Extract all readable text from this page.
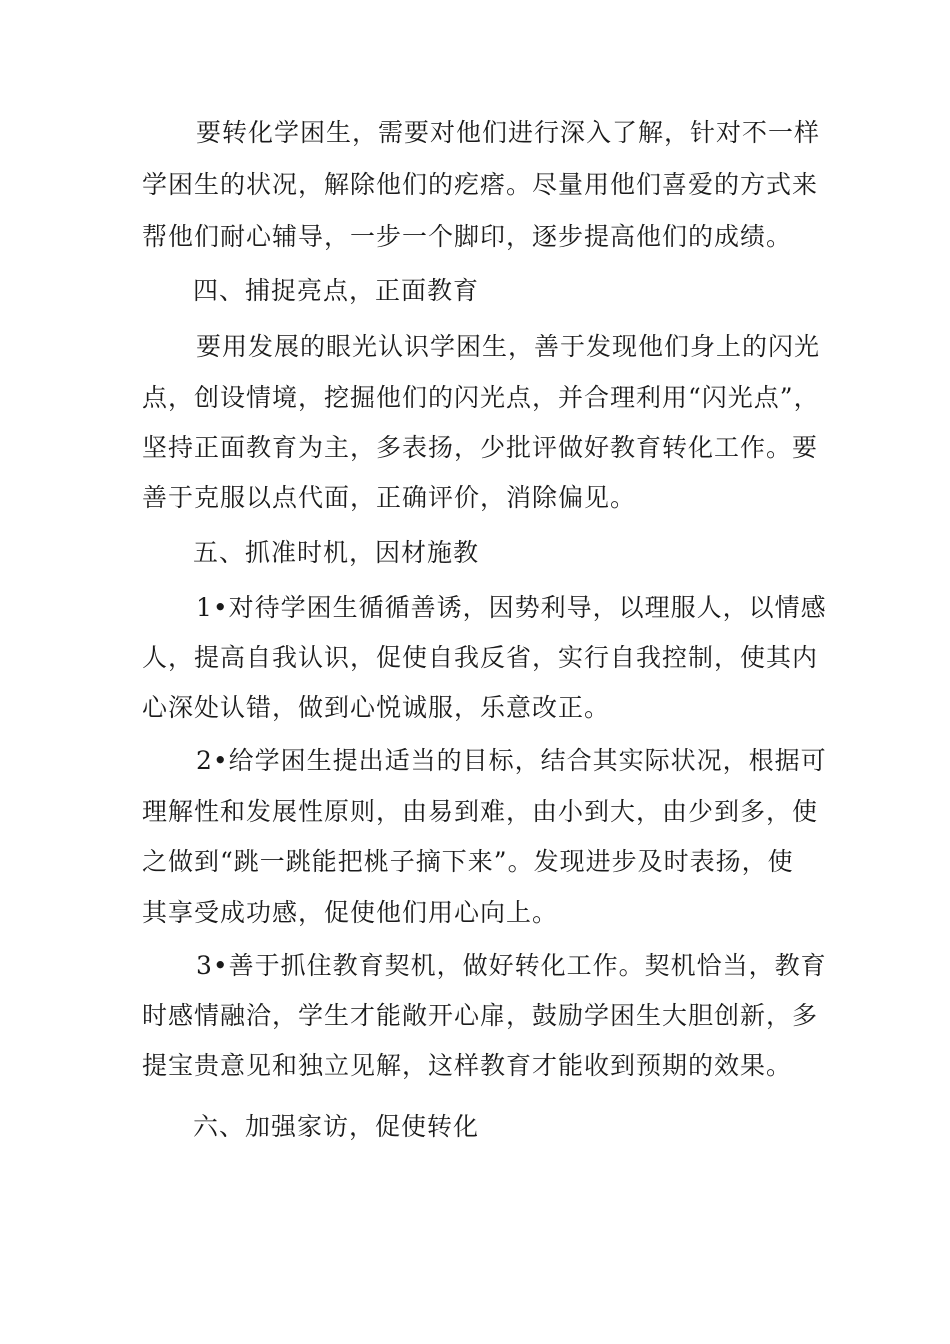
要转化学困生，需要对他们进行深入了解，针对不一样
学困生的状况，解除他们的疙瘩。尽量用他们喜爱的方式来
帮他们耐心辅导，一步一个脚印，逐步提高他们的成绩。
四、捕捉亮点，正面教育
要用发展的眼光认识学困生，善于发现他们身上的闪光
点，创设情境，挖掘他们的闪光点，并合理利用“闪光点”，
坚持正面教育为主，多表扬，少批评做好教育转化工作。要
善于克服以点代面，正确评价，消除偏见。
五、抓准时机，因材施教
1•对待学困生循循善诱，因势利导，以理服人，以情感
人，提高自我认识，促使自我反省，实行自我控制，使其内
心深处认错，做到心悦诚服，乐意改正。
2•给学困生提出适当的目标，结合其实际状况，根据可
理解性和发展性原则，由易到难，由小到大，由少到多，使
之做到“跳一跳能把桃子摘下来”。发现进步及时表扬，使
其享受成功感，促使他们用心向上。
3•善于抓住教育契机，做好转化工作。契机恰当，教育
时感情融洽，学生才能敞开心扉，鼓励学困生大胆创新，多
提宝贵意见和独立见解，这样教育才能收到预期的效果。
六、加强家访，促使转化
